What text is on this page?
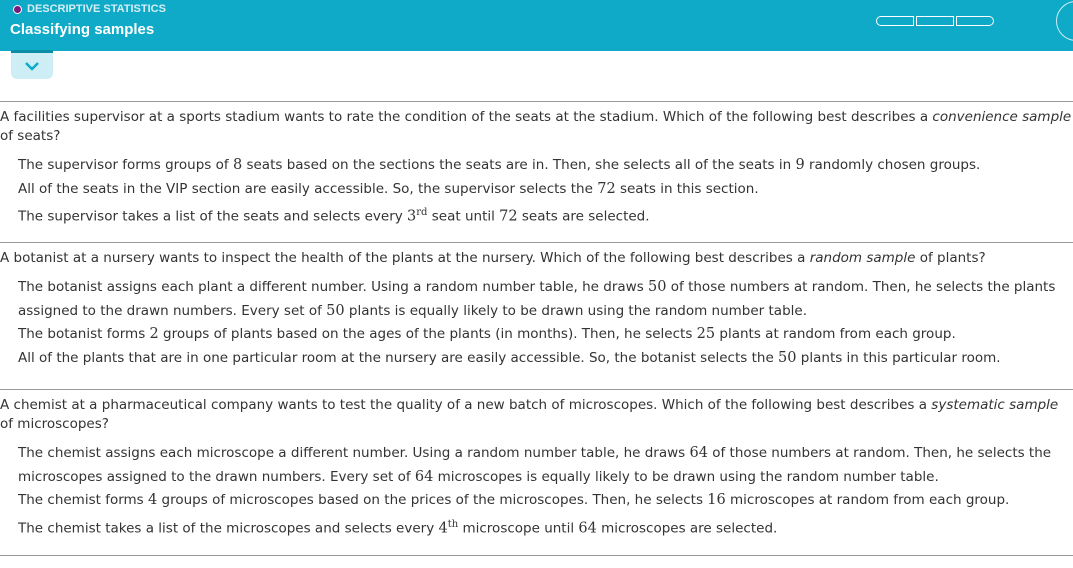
DESCRIPTIVE STATISTICS
Classifying samples
A facilities supervisor at a sports stadium wants to rate the condition of the seats at the stadium. Which of the following best describes a convenience sample of seats?
The supervisor forms groups of 8 seats based on the sections the seats are in. Then, she selects all of the seats in 9 randomly chosen groups.
All of the seats in the VIP section are easily accessible. So, the supervisor selects the 72 seats in this section.
The supervisor takes a list of the seats and selects every 3rd seat until 72 seats are selected.
A botanist at a nursery wants to inspect the health of the plants at the nursery. Which of the following best describes a random sample of plants?
The botanist assigns each plant a different number. Using a random number table, he draws 50 of those numbers at random. Then, he selects the plants assigned to the drawn numbers. Every set of 50 plants is equally likely to be drawn using the random number table.
The botanist forms 2 groups of plants based on the ages of the plants (in months). Then, he selects 25 plants at random from each group.
All of the plants that are in one particular room at the nursery are easily accessible. So, the botanist selects the 50 plants in this particular room.
A chemist at a pharmaceutical company wants to test the quality of a new batch of microscopes. Which of the following best describes a systematic sample of microscopes?
The chemist assigns each microscope a different number. Using a random number table, he draws 64 of those numbers at random. Then, he selects the microscopes assigned to the drawn numbers. Every set of 64 microscopes is equally likely to be drawn using the random number table.
The chemist forms 4 groups of microscopes based on the prices of the microscopes. Then, he selects 16 microscopes at random from each group.
The chemist takes a list of the microscopes and selects every 4th microscope until 64 microscopes are selected.
